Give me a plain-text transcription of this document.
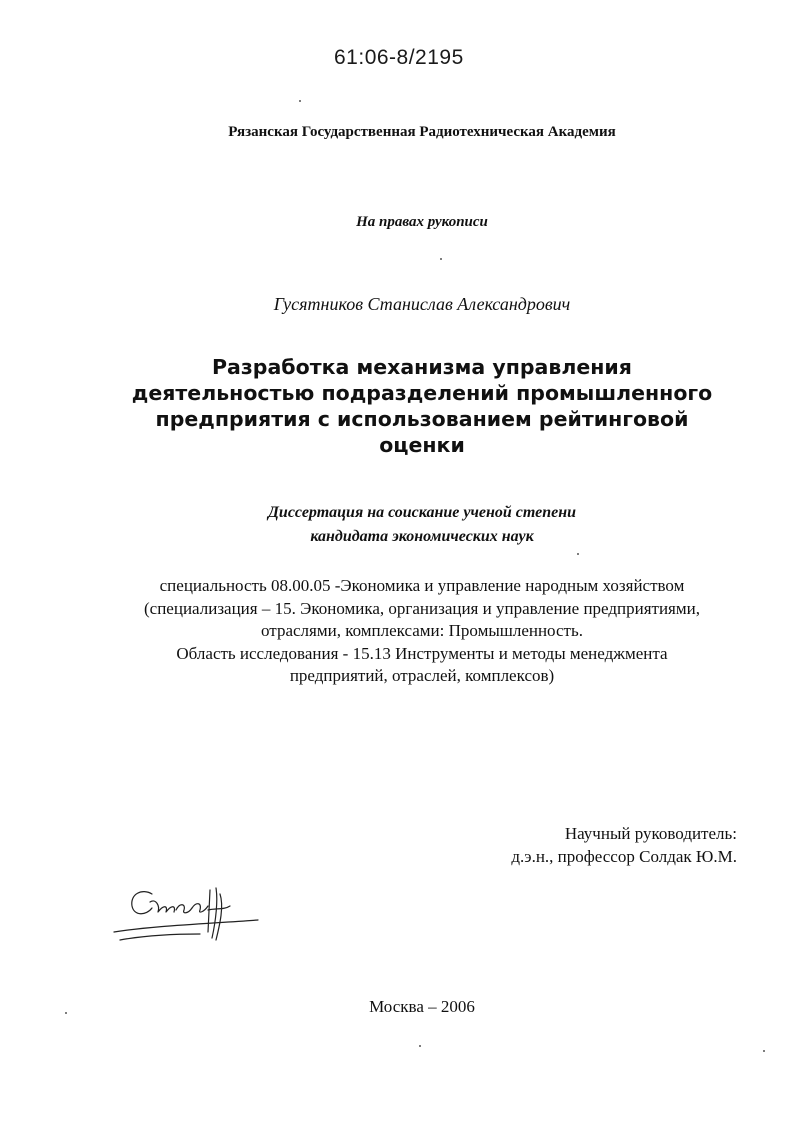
61:06-8/2195
Рязанская Государственная Радиотехническая Академия
На правах рукописи
Гусятников Станислав Александрович
Разработка механизма управления
деятельностью подразделений промышленного
предприятия с использованием рейтинговой
оценки
Диссертация на соискание ученой степени
кандидата экономических наук
специальность 08.00.05 -Экономика и управление народным хозяйством
(специализация – 15. Экономика, организация и управление предприятиями,
отраслями, комплексами: Промышленность.
Область исследования - 15.13 Инструменты и методы менеджмента
предприятий, отраслей, комплексов)
Научный руководитель:
д.э.н., профессор Солдак Ю.М.
Москва – 2006
